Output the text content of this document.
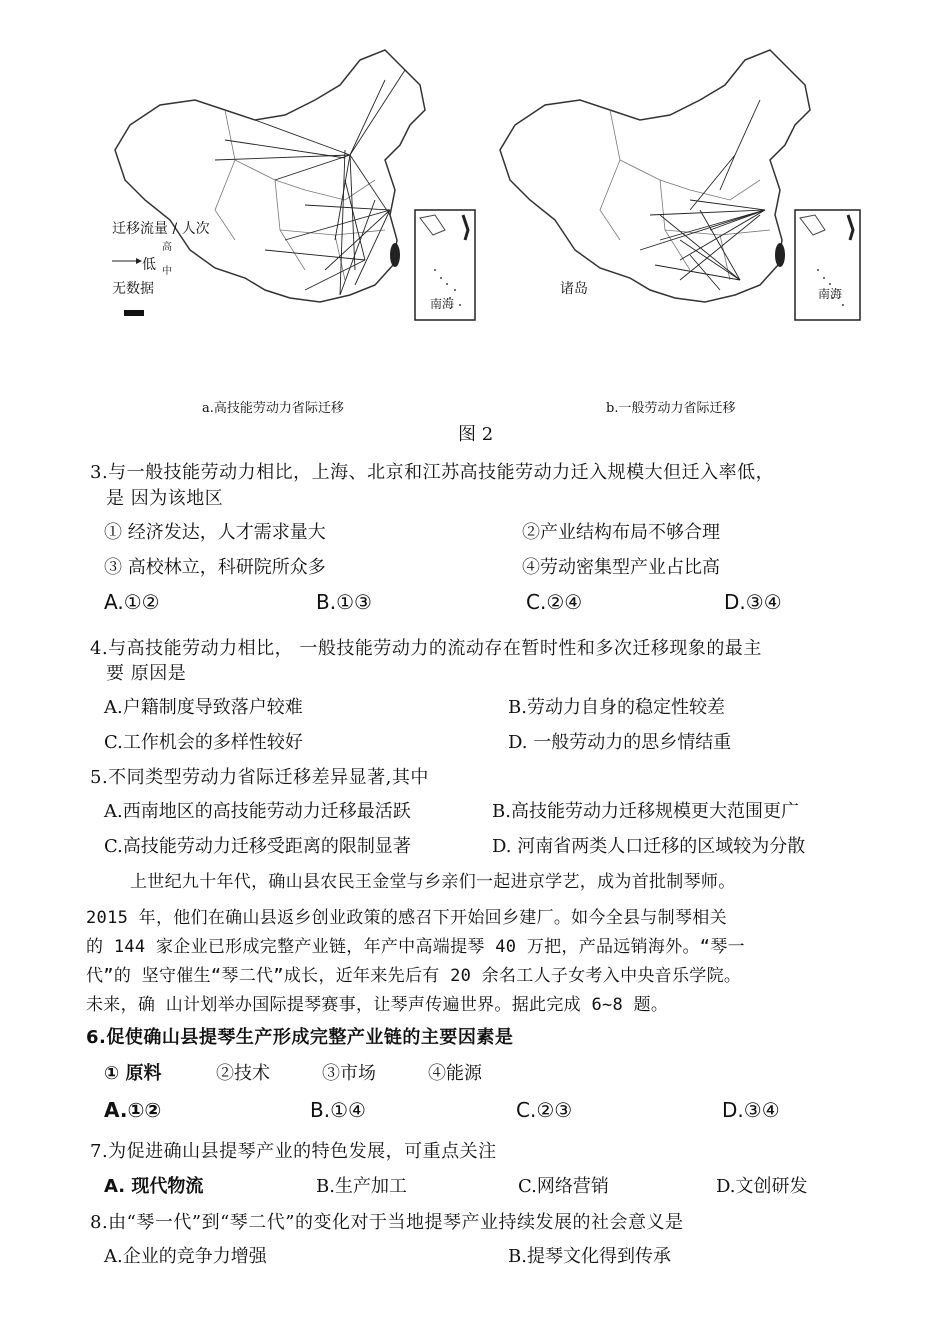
南海
迁移流量 / 人次
低
高
中
无数据	南海
诸岛
a.高技能劳动力省际迁移	b.一般劳动力省际迁移
图 2
3.与一般技能劳动力相比，上海、北京和江苏高技能劳动力迁入规模大但迁入率低，
是 因为该地区
① 经济发达，人才需求量大	②产业结构布局不够合理
③ 高校林立，科研院所众多	④劳动密集型产业占比高
A.①②	B.①③	C.②④	D.③④
4.与高技能劳动力相比， 一般技能劳动力的流动存在暂时性和多次迁移现象的最主
要 原因是
A.户籍制度导致落户较难	B.劳动力自身的稳定性较差
C.工作机会的多样性较好	D. 一般劳动力的思乡情结重
5.不同类型劳动力省际迁移差异显著,其中
A.西南地区的高技能劳动力迁移最活跃	B.高技能劳动力迁移规模更大范围更广
C.高技能劳动力迁移受距离的限制显著	D. 河南省两类人口迁移的区域较为分散
上世纪九十年代，确山县农民王金堂与乡亲们一起进京学艺，成为首批制琴师。
2015 年，他们在确山县返乡创业政策的感召下开始回乡建厂。如今全县与制琴相关
的 144 家企业已形成完整产业链，年产中高端提琴 40 万把，产品远销海外。“琴一
代”的 坚守催生“琴二代”成长，近年来先后有 20 余名工人子女考入中央音乐学院。
未来，确 山计划举办国际提琴赛事，让琴声传遍世界。据此完成 6~8 题。
6.促使确山县提琴生产形成完整产业链的主要因素是
① 原料	②技术	③市场	④能源
A.①②	B.①④	C.②③	D.③④
7.为促进确山县提琴产业的特色发展，可重点关注
A. 现代物流	B.生产加工	C.网络营销	D.文创研发
8.由“琴一代”到“琴二代”的变化对于当地提琴产业持续发展的社会意义是
A.企业的竞争力增强	B.提琴文化得到传承
